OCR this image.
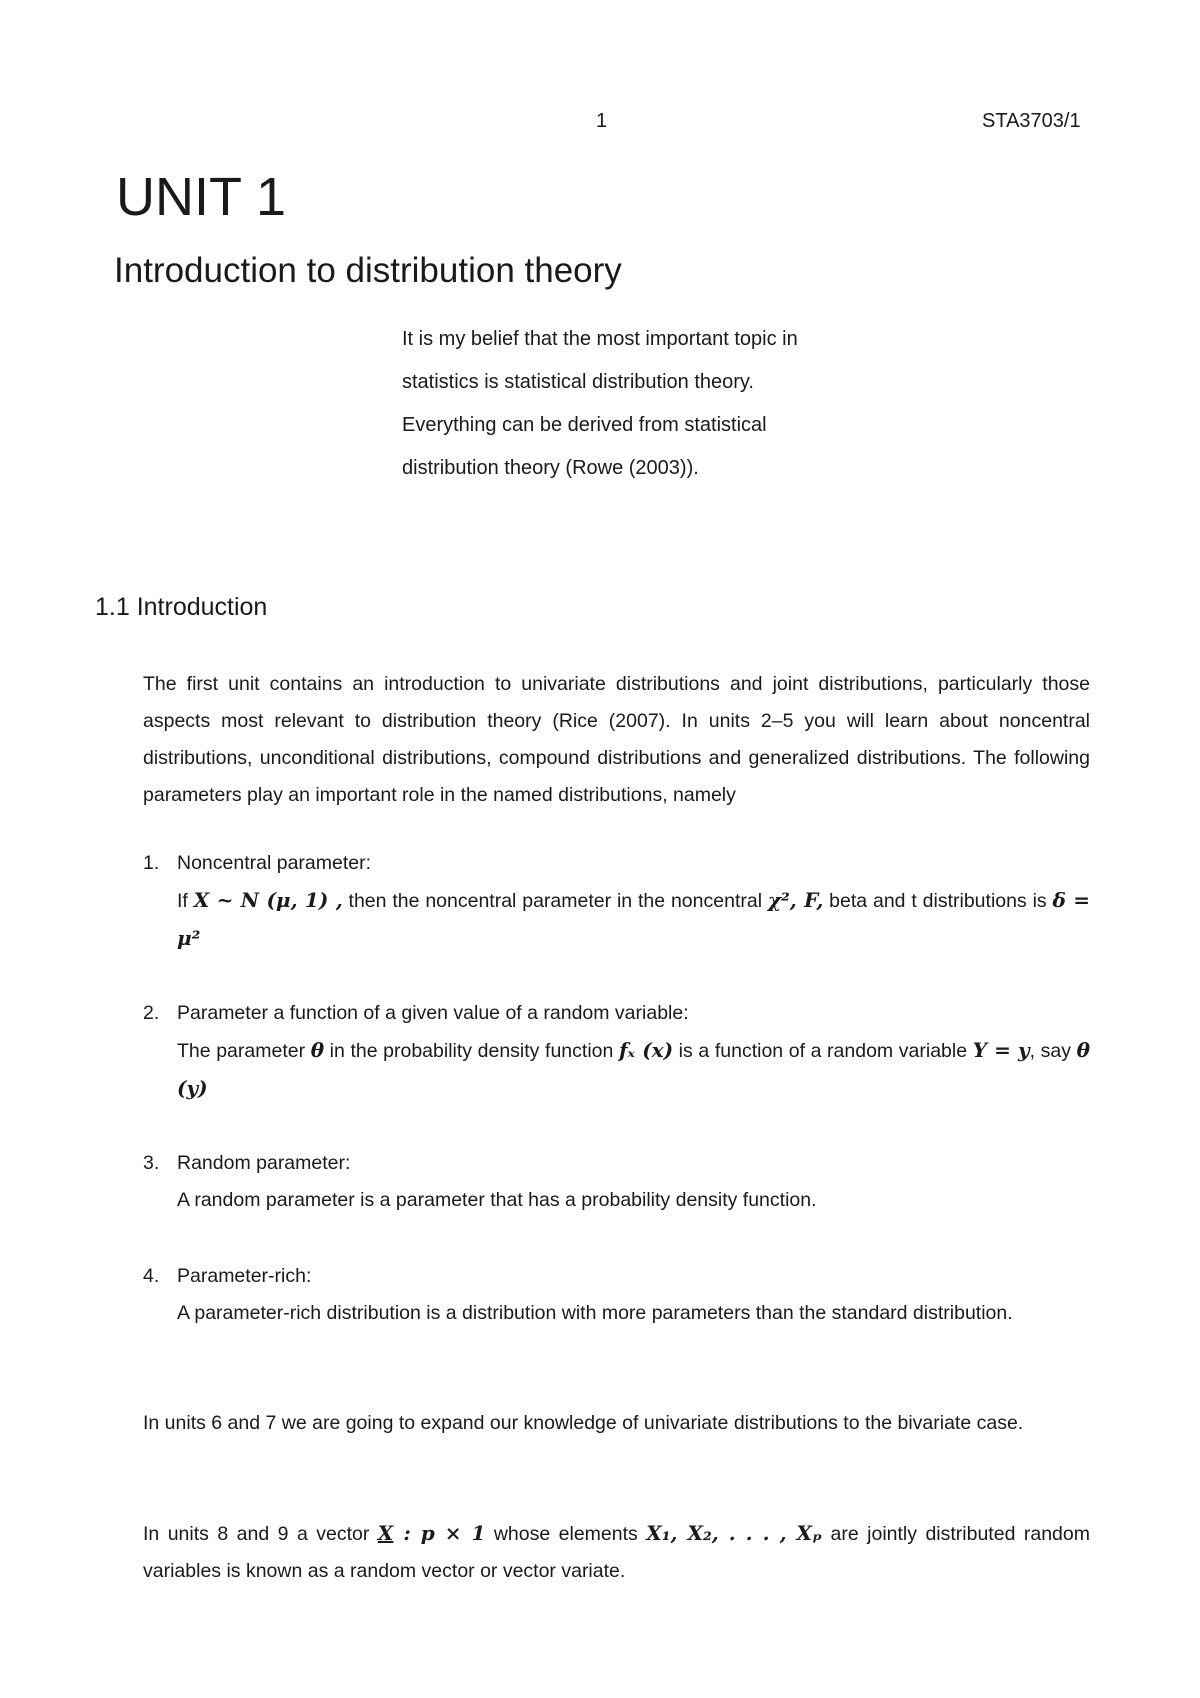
1	STA3703/1
UNIT 1
Introduction to distribution theory
It is my belief that the most important topic in
statistics is statistical distribution theory.
Everything can be derived from statistical
distribution theory (Rowe (2003)).
1.1 Introduction

The first unit contains an introduction to univariate distributions and joint distributions, particularly those aspects most relevant to distribution theory (Rice (2007). In units 2–5 you will learn about noncentral distributions, unconditional distributions, compound distributions and generalized distributions. The following parameters play an important role in the named distributions, namely

1. Noncentral parameter:
If X ~ N (μ, 1) , then the noncentral parameter in the noncentral χ², F, beta and t distributions is δ = μ²
2. Parameter a function of a given value of a random variable:
The parameter θ in the probability density function fₓ (x) is a function of a random variable Y = y, say θ (y)
3. Random parameter:
A random parameter is a parameter that has a probability density function.
4. Parameter-rich:
A parameter-rich distribution is a distribution with more parameters than the standard distribution.

In units 6 and 7 we are going to expand our knowledge of univariate distributions to the bivariate case.

In units 8 and 9 a vector X : p × 1 whose elements X₁, X₂, . . . , Xₚ are jointly distributed random variables is known as a random vector or vector variate.
